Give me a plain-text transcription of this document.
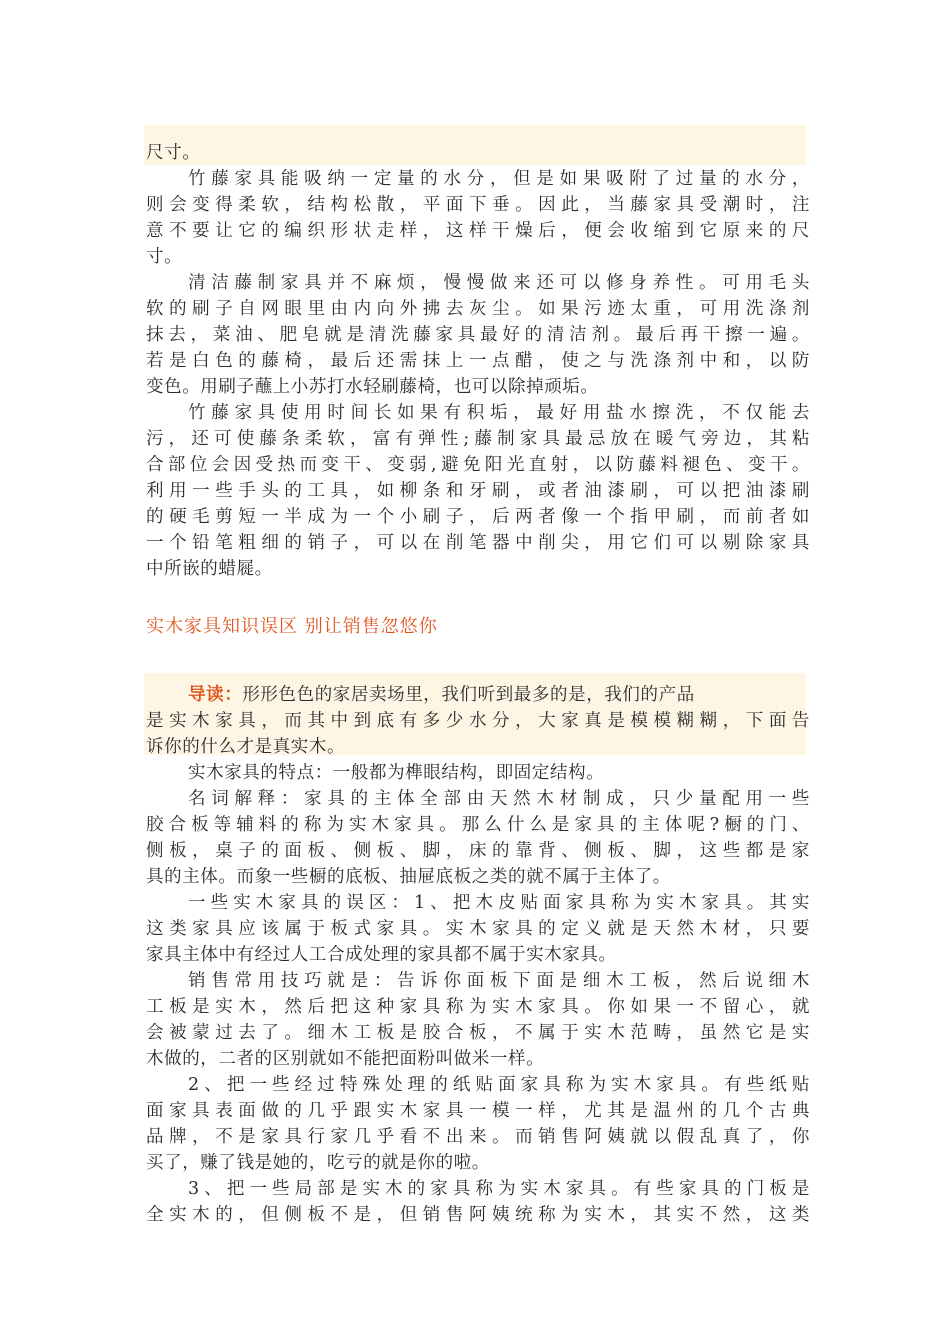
尺寸。
竹藤家具能吸纳一定量的水分，但是如果吸附了过量的水分，
则会变得柔软，结构松散，平面下垂。因此，当藤家具受潮时，注
意不要让它的编织形状走样，这样干燥后，便会收缩到它原来的尺
寸。
清洁藤制家具并不麻烦，慢慢做来还可以修身养性。可用毛头
软的刷子自网眼里由内向外拂去灰尘。如果污迹太重，可用洗涤剂
抹去，菜油、肥皂就是清洗藤家具最好的清洁剂。最后再干擦一遍。
若是白色的藤椅，最后还需抹上一点醋，使之与洗涤剂中和，以防
变色。用刷子蘸上小苏打水轻刷藤椅，也可以除掉顽垢。
竹藤家具使用时间长如果有积垢，最好用盐水擦洗，不仅能去
污，还可使藤条柔软，富有弹性;藤制家具最忌放在暖气旁边，其粘
合部位会因受热而变干、变弱,避免阳光直射，以防藤料褪色、变干。
利用一些手头的工具，如柳条和牙刷，或者油漆刷，可以把油漆刷
的硬毛剪短一半成为一个小刷子，后两者像一个指甲刷，而前者如
一个铅笔粗细的销子，可以在削笔器中削尖，用它们可以剔除家具
中所嵌的蜡屣。
实木家具知识误区 别让销售忽悠你
导读：形形色色的家居卖场里，我们听到最多的是，我们的产品
是实木家具，而其中到底有多少水分，大家真是模模糊糊，下面告
诉你的什么才是真实木。
实木家具的特点：一般都为榫眼结构，即固定结构。
名词解释：家具的主体全部由天然木材制成，只少量配用一些
胶合板等辅料的称为实木家具。那么什么是家具的主体呢?橱的门、
侧板，桌子的面板、侧板、脚，床的靠背、侧板、脚，这些都是家
具的主体。而象一些橱的底板、抽屉底板之类的就不属于主体了。
一些实木家具的误区：1、把木皮贴面家具称为实木家具。其实
这类家具应该属于板式家具。实木家具的定义就是天然木材，只要
家具主体中有经过人工合成处理的家具都不属于实木家具。
销售常用技巧就是：告诉你面板下面是细木工板，然后说细木
工板是实木，然后把这种家具称为实木家具。你如果一不留心，就
会被蒙过去了。细木工板是胶合板，不属于实木范畴，虽然它是实
木做的，二者的区别就如不能把面粉叫做米一样。
2、把一些经过特殊处理的纸贴面家具称为实木家具。有些纸贴
面家具表面做的几乎跟实木家具一模一样，尤其是温州的几个古典
品牌，不是家具行家几乎看不出来。而销售阿姨就以假乱真了，你
买了，赚了钱是她的，吃亏的就是你的啦。
3、把一些局部是实木的家具称为实木家具。有些家具的门板是
全实木的，但侧板不是，但销售阿姨统称为实木，其实不然，这类
